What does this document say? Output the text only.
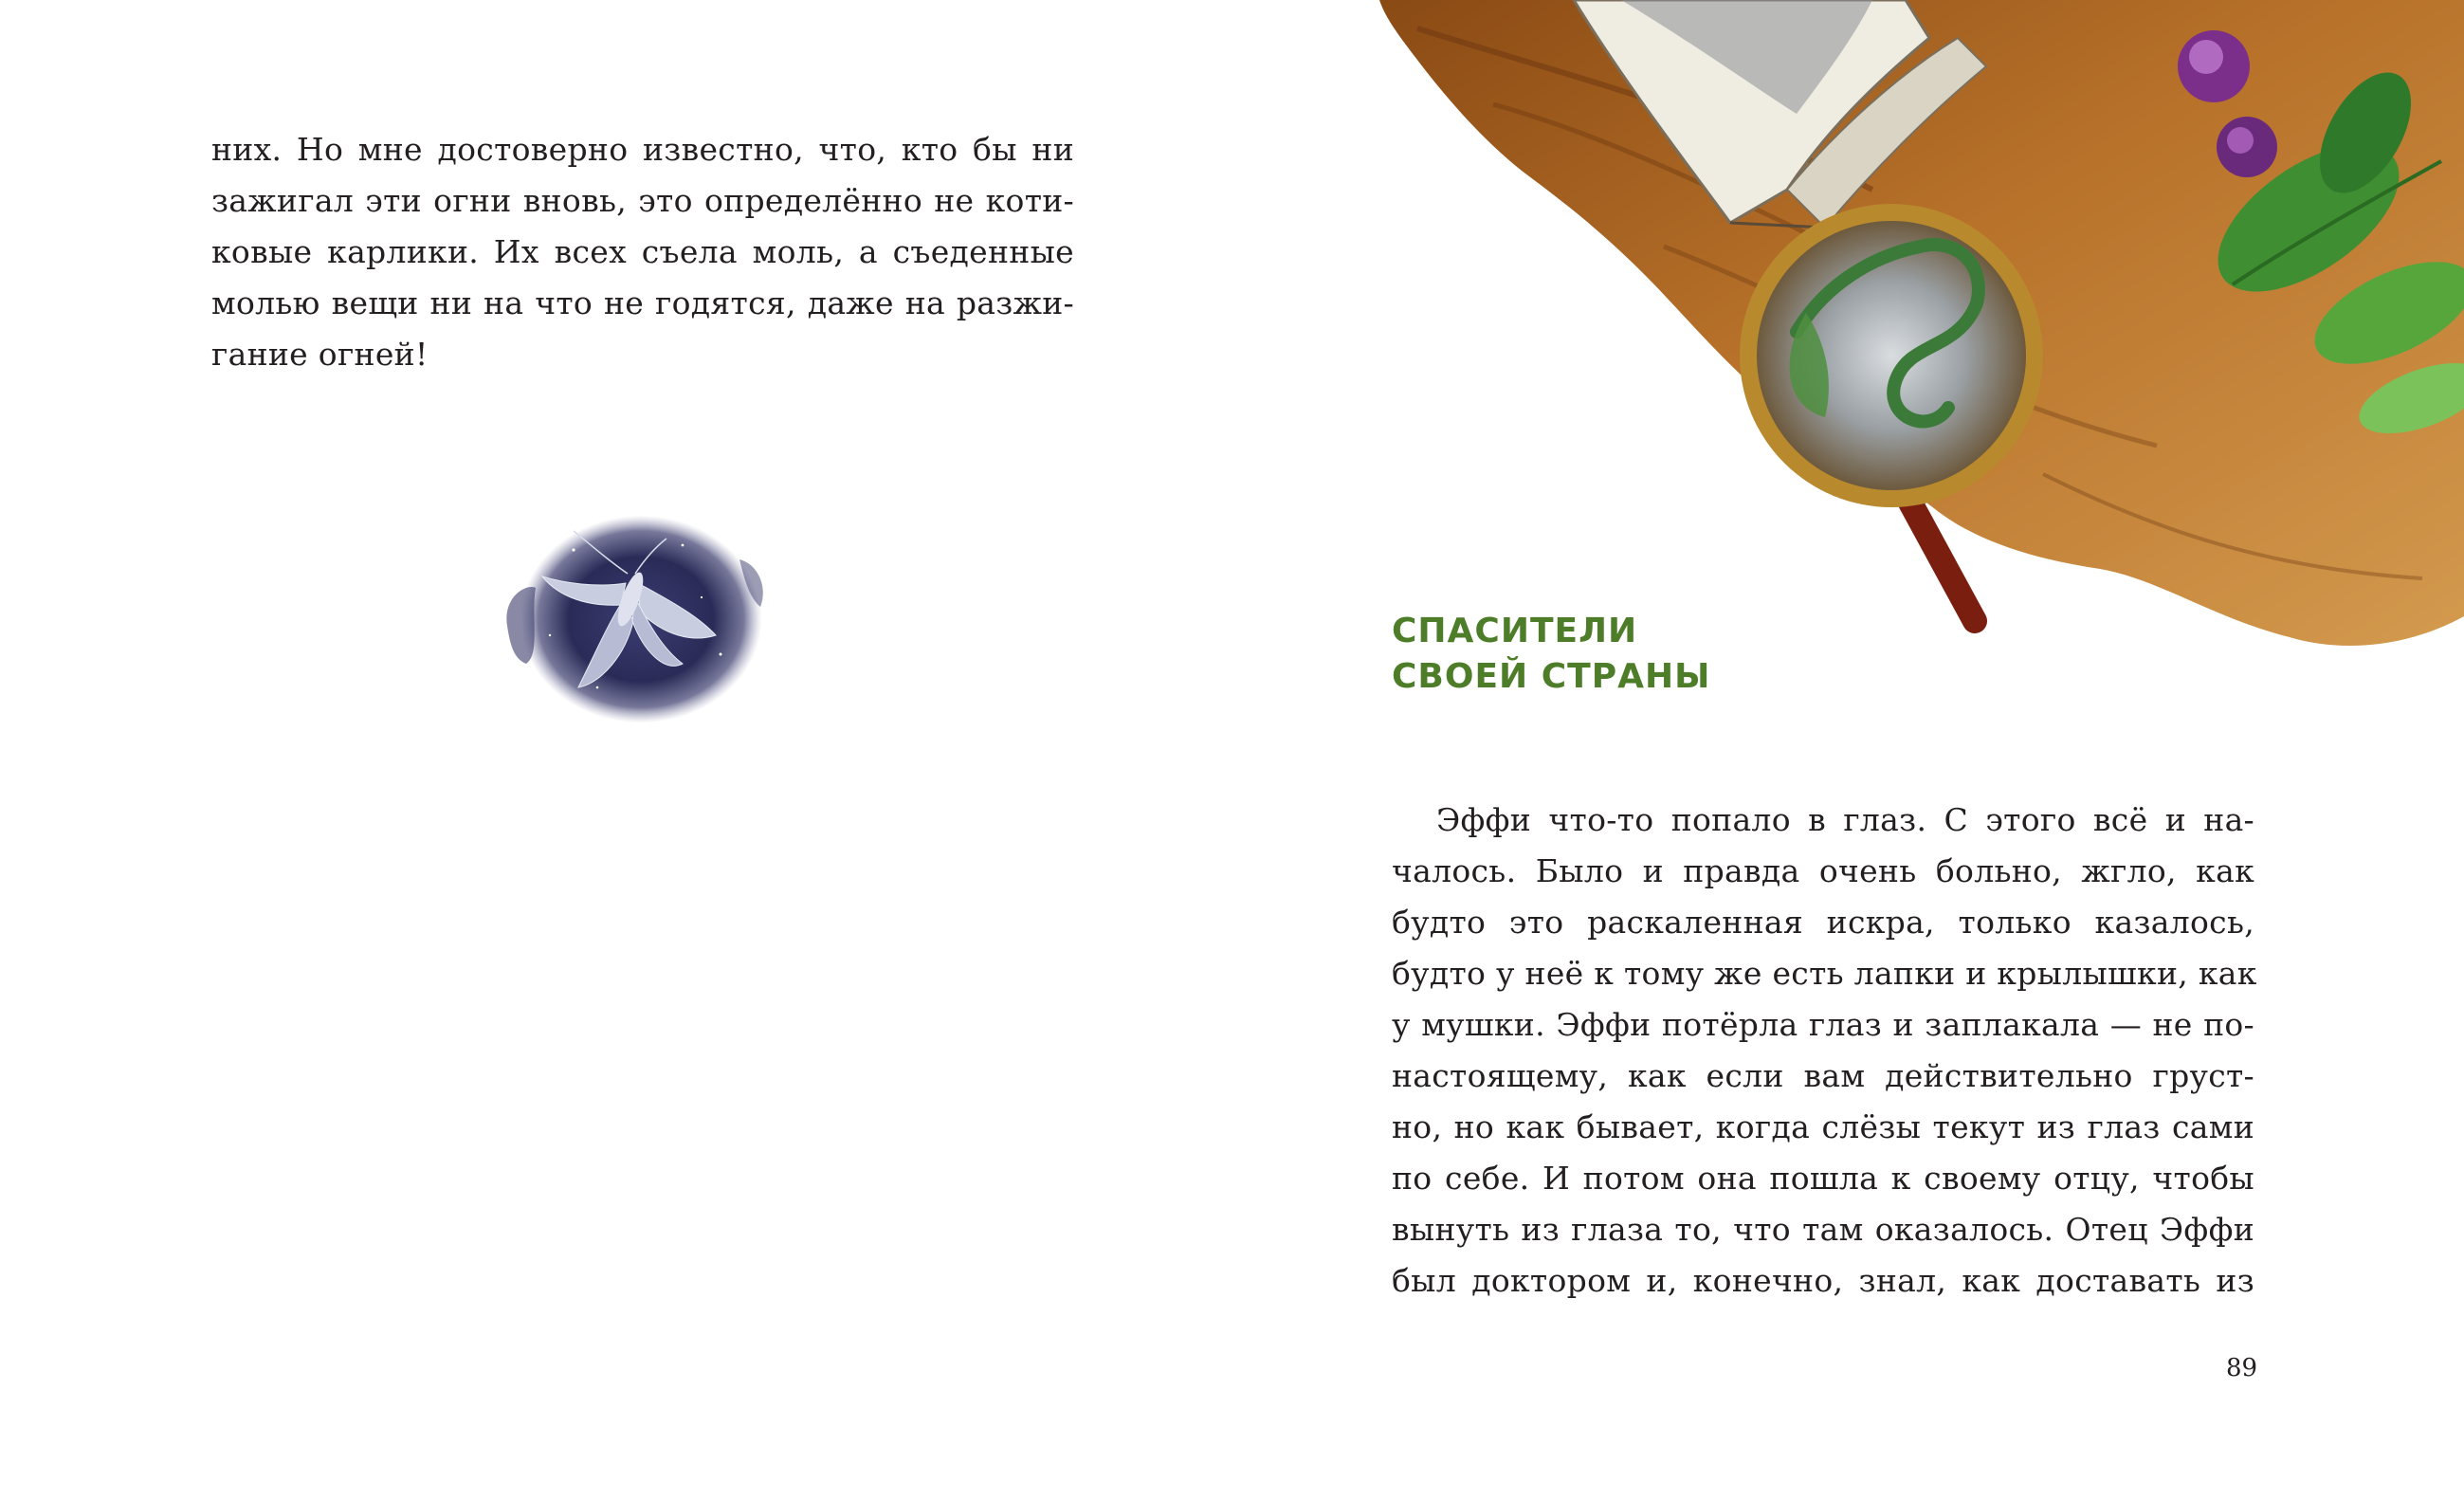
них. Но мне достоверно известно, что, кто бы ни
зажигал эти огни вновь, это определённо не коти-
ковые карлики. Их всех съела моль, а съеденные
молью вещи ни на что не годятся, даже на разжи-
гание огней!
СПАСИТЕЛИ
СВОЕЙ СТРАНЫ
Эффи что-то попало в глаз. С этого всё и на-
чалось. Было и правда очень больно, жгло, как
будто это раскаленная искра, только казалось,
будто у неё к тому же есть лапки и крылышки, как
у мушки. Эффи потёрла глаз и заплакала — не по-
настоящему, как если вам действительно груст-
но, но как бывает, когда слёзы текут из глаз сами
по себе. И потом она пошла к своему отцу, чтобы
вынуть из глаза то, что там оказалось. Отец Эффи
был доктором и, конечно, знал, как доставать из
89
